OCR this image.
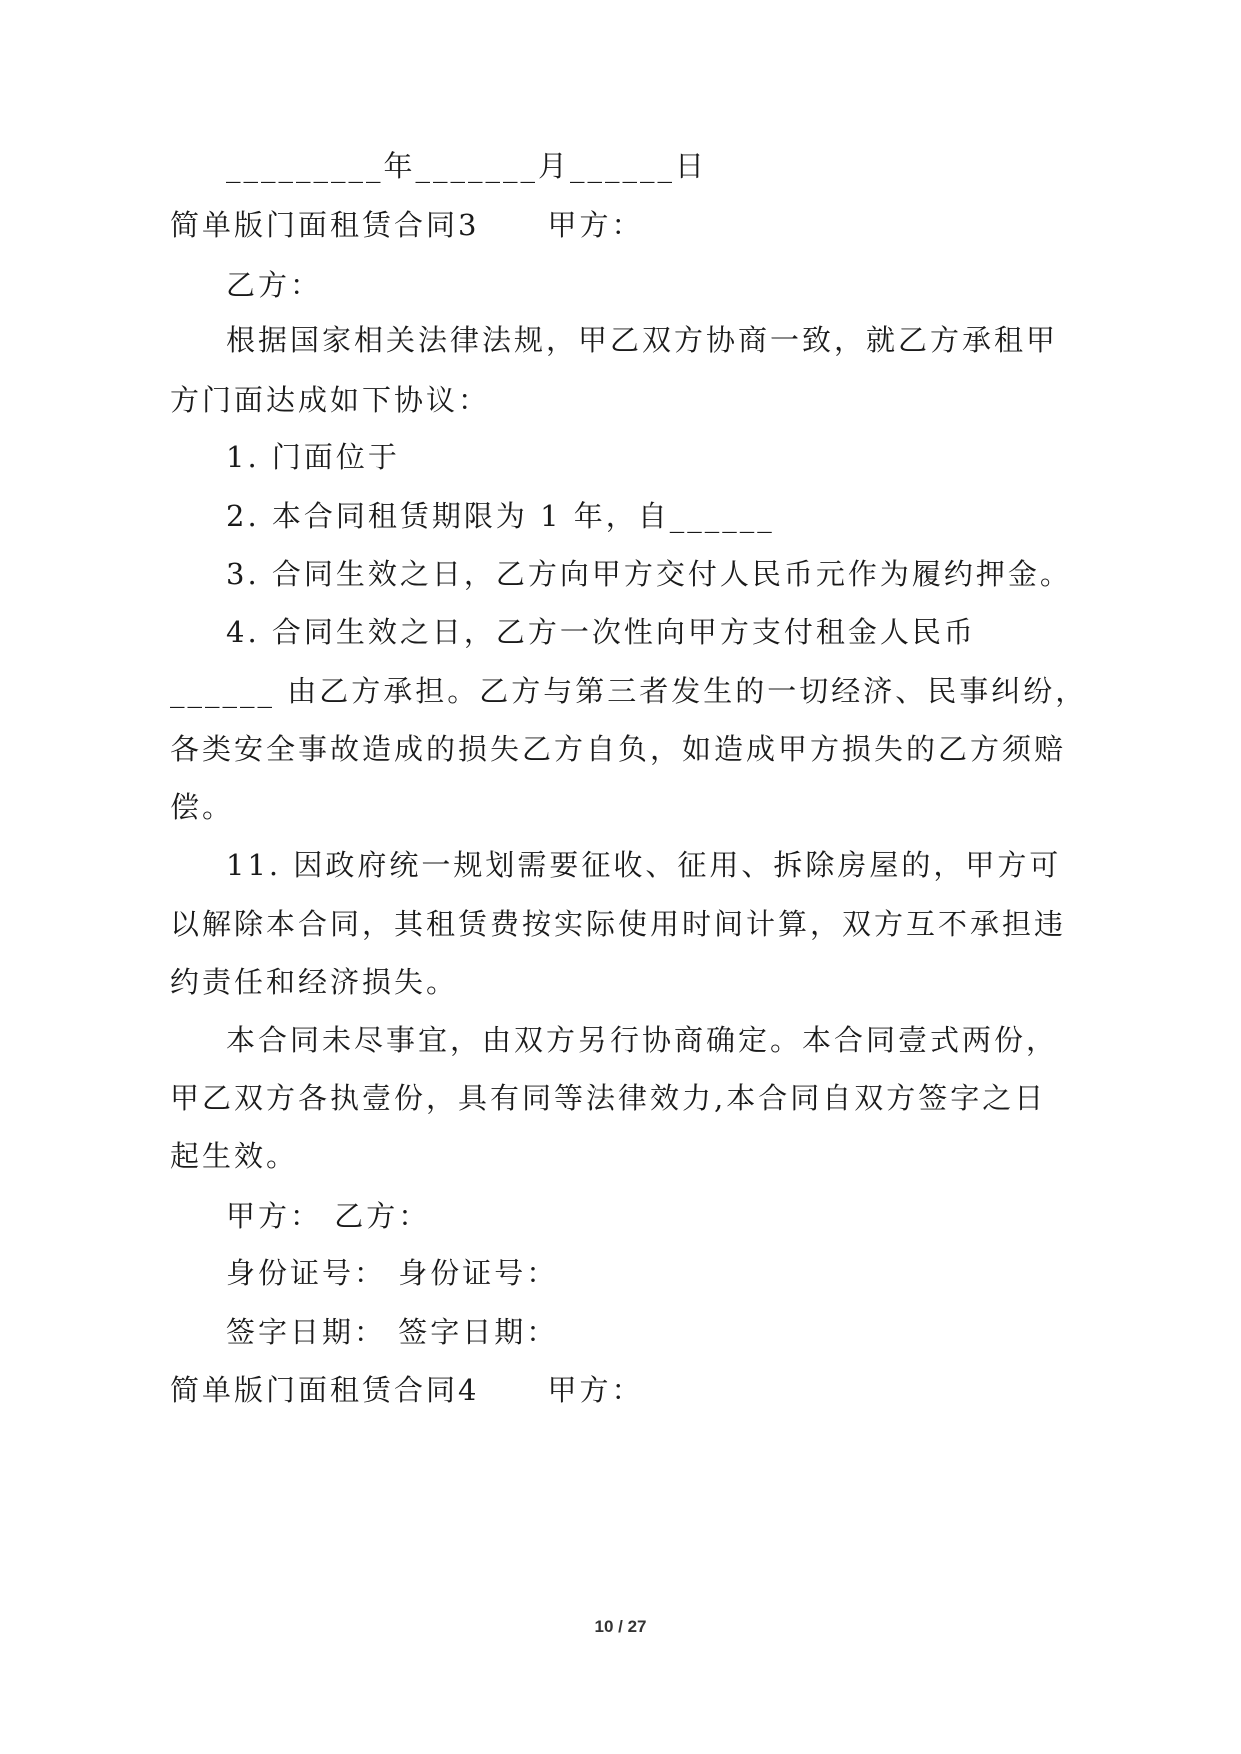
_________年_______月______日
简单版门面租赁合同3 甲方：
乙方：
根据国家相关法律法规，甲乙双方协商一致，就乙方承租甲
方门面达成如下协议：
1. 门面位于
2. 本合同租赁期限为 1 年，自______
3. 合同生效之日，乙方向甲方交付人民币元作为履约押金。
4. 合同生效之日，乙方一次性向甲方支付租金人民币
______ 由乙方承担。乙方与第三者发生的一切经济、民事纠纷，
各类安全事故造成的损失乙方自负，如造成甲方损失的乙方须赔
偿。
11. 因政府统一规划需要征收、征用、拆除房屋的，甲方可
以解除本合同，其租赁费按实际使用时间计算，双方互不承担违
约责任和经济损失。
本合同未尽事宜，由双方另行协商确定。本合同壹式两份，
甲乙双方各执壹份，具有同等法律效力,本合同自双方签字之日
起生效。
甲方： 乙方：
身份证号： 身份证号：
签字日期： 签字日期：
简单版门面租赁合同4 甲方：
10 / 27
